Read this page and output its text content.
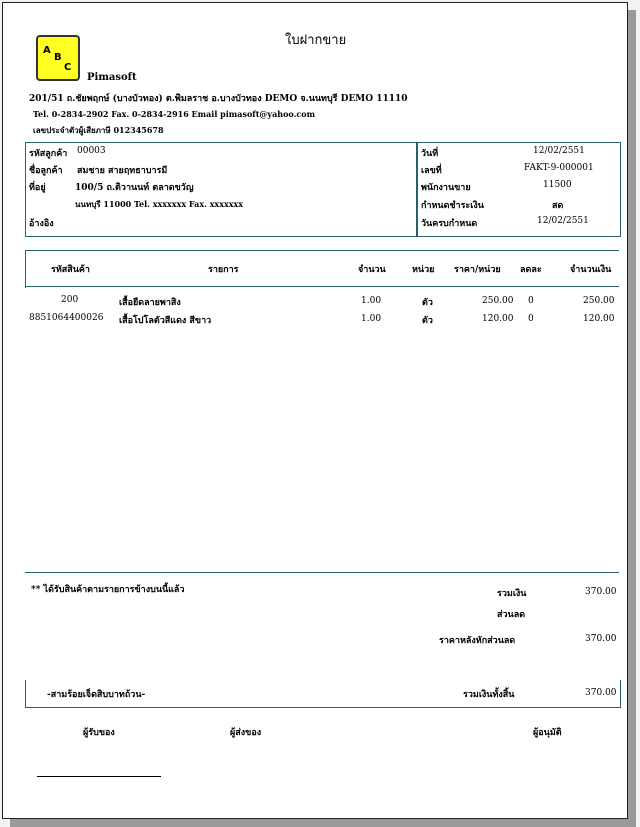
ใบฝากขาย
A
B
C
Pimasoft
201/51 ถ.ชัยพฤกษ์ (บางบัวทอง) ต.พิมลราช อ.บางบัวทอง DEMO จ.นนทบุรี DEMO 11110
Tel. 0-2834-2902 Fax. 0-2834-2916 Email pimasoft@yahoo.com
เลขประจำตัวผู้เสียภาษี 012345678
รหัสลูกค้า 00003
ชื่อลูกค้า สมชาย สายฤทธาบารมี
ที่อยู่	100/5 ถ.ติวานนท์ ตลาดขวัญ
นนทบุรี 11000 Tel. xxxxxxx Fax. xxxxxxx
อ้างอิง
วันที่	12/02/2551
เลขที่	FAKT-9-000001
พนักงานขาย	11500
กำหนดชำระเงิน	สด
วันครบกำหนด	12/02/2551
รหัสสินค้า	รายการ	จำนวน	หน่วย ราคา/หน่วย ลดละ	จำนวนเงิน
200	เสื้อยืดลายพาสิง	1.00	ตัว	250.00 0	250.00
8851064400026 เสื้อโปโลตัวสีแดง สีขาว	1.00	ตัว	120.00 0	120.00
** ได้รับสินค้าตามรายการข้างบนนี้แล้ว	รวมเงิน	370.00
ส่วนลด
ราคาหลังหักส่วนลด	370.00
-สามร้อยเจ็ดสิบบาทถ้วน-	รวมเงินทั้งสิ้น	370.00
ผู้รับของ	ผู้ส่งของ	ผู้อนุมัติ
